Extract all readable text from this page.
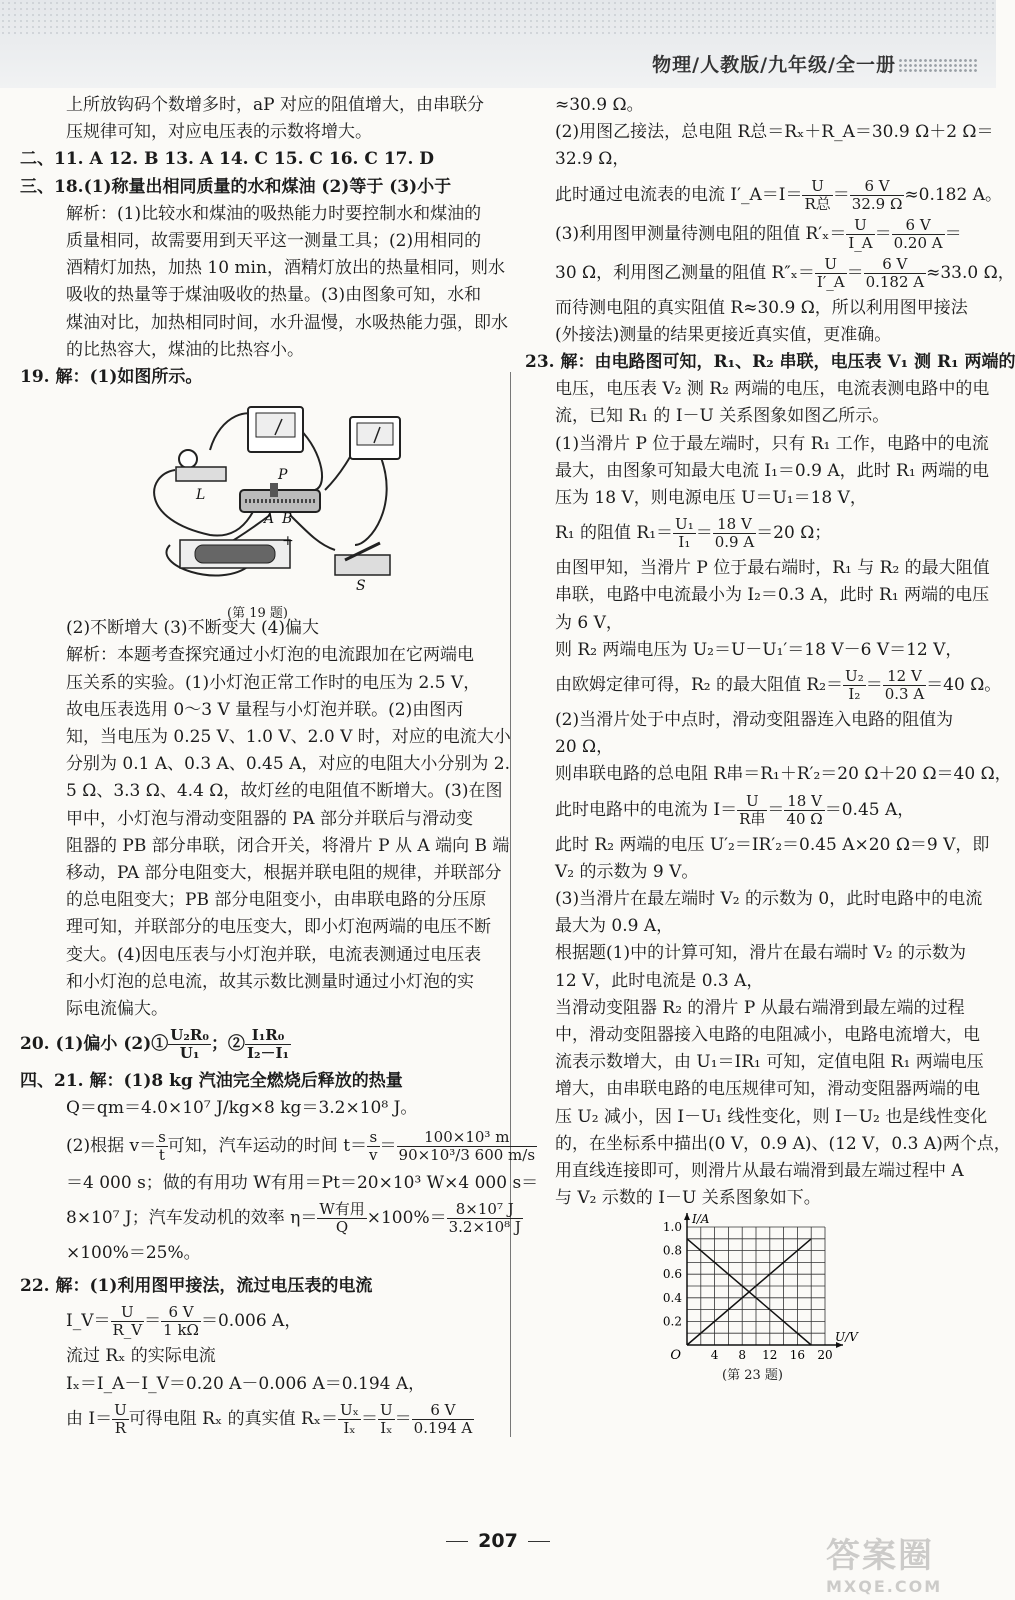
物理/人教版/九年级/全一册

上所放钩码个数增多时，aP 对应的阻值增大，由串联分

压规律可知，对应电压表的示数将增大。

二、11. A 12. B 13. A 14. C 15. C 16. C 17. D

三、18.(1)称量出相同质量的水和煤油 (2)等于 (3)小于

解析：(1)比较水和煤油的吸热能力时要控制水和煤油的

质量相同，故需要用到天平这一测量工具；(2)用相同的

酒精灯加热，加热 10 min，酒精灯放出的热量相同，则水

吸收的热量等于煤油吸收的热量。(3)由图象可知，水和

煤油对比，加热相同时间，水升温慢，水吸热能力强，即水

的比热容大，煤油的比热容小。

19. 解：(1)如图所示。

L
P
A B
S
+
(第 19 题)

(2)不断增大 (3)不断变大 (4)偏大

解析：本题考查探究通过小灯泡的电流跟加在它两端电

压关系的实验。(1)小灯泡正常工作时的电压为 2.5 V，

故电压表选用 0～3 V 量程与小灯泡并联。(2)由图丙

知，当电压为 0.25 V、1.0 V、2.0 V 时，对应的电流大小

分别为 0.1 A、0.3 A、0.45 A，对应的电阻大小分别为 2.

5 Ω、3.3 Ω、4.4 Ω，故灯丝的电阻值不断增大。(3)在图

甲中，小灯泡与滑动变阻器的 PA 部分并联后与滑动变

阻器的 PB 部分串联，闭合开关，将滑片 P 从 A 端向 B 端

移动，PA 部分电阻变大，根据并联电阻的规律，并联部分

的总电阻变大；PB 部分电阻变小，由串联电路的分压原

理可知，并联部分的电压变大，即小灯泡两端的电压不断

变大。(4)因电压表与小灯泡并联，电流表测通过电压表

和小灯泡的总电流，故其示数比测量时通过小灯泡的实

际电流偏大。

20. (1)偏小 (2)① $\frac{\text{U₂R₀}}{\text{U₁}}$ ；② $\frac{\text{I₁R₀}}{\text{I₂－I₁}}$

四、21. 解：(1)8 kg 汽油完全燃烧后释放的热量

Q＝qm＝4.0×10⁷ J/kg×8 kg＝3.2×10⁸ J。

(2)根据 $v= \frac{s}{t}$ 可知，汽车运动的时间 $t= \frac{s}{v} = \frac{\text{100×10³ m}}{\text{90×10³/3 600 m/s}}$

＝4 000 s；做的有用功 W有用＝Pt＝20×10³ W×4 000 s＝

8×10⁷ J；汽车发动机的效率 $\eta= \frac{\text{W有用}}{Q} \times 100\%= \frac{\text{8×10⁷ J}}{\text{3.2×10⁸ J}}$

×100%＝25%。

22. 解：(1)利用图甲接法，流过电压表的电流

I_V＝ $\frac{U}{R\_V} = \frac{6 V}{1 k\Omega} =0.006$ A，

流过 Rₓ 的实际电流

Iₓ＝I_A－I_V＝0.20 A－0.006 A＝0.194 A，

由 $I= \frac{U}{R}$ 可得电阻 Rₓ 的真实值 $R_x= \frac{\text{Uₓ}}{\text{Iₓ}} = \frac{U}{\text{Iₓ}} = \frac{6 V}{0.194 A}$

≈30.9 Ω。

(2)用图乙接法，总电阻 R总＝Rₓ＋R_A＝30.9 Ω＋2 Ω＝

32.9 Ω，

此时通过电流表的电流 I′_A＝I＝ $\frac{U}{\text{R总}} = \frac{6 V}{32.9 \Omega} \approx 0.182$ A。

(3)利用图甲测量待测电阻的阻值 $R'_x= \frac{U}{I\_A} = \frac{6 V}{0.20 A}$ ＝

30 Ω，利用图乙测量的阻值 $R''_x= \frac{U}{I'\_A} = \frac{6 V}{0.182 A} \approx 33.0$ Ω，

而待测电阻的真实阻值 R≈30.9 Ω，所以利用图甲接法

(外接法)测量的结果更接近真实值，更准确。

23. 解：由电路图可知，R₁、R₂ 串联，电压表 V₁ 测 R₁ 两端的

电压，电压表 V₂ 测 R₂ 两端的电压，电流表测电路中的电

流，已知 R₁ 的 I－U 关系图象如图乙所示。

(1)当滑片 P 位于最左端时，只有 R₁ 工作，电路中的电流

最大，由图象可知最大电流 I₁＝0.9 A，此时 R₁ 两端的电

压为 18 V，则电源电压 U＝U₁＝18 V，

R₁ 的阻值 $R_1= \frac{\text{U₁}}{\text{I₁}} = \frac{18 V}{0.9 A} =20$ Ω；

由图甲知，当滑片 P 位于最右端时，R₁ 与 R₂ 的最大阻值

串联，电路中电流最小为 I₂＝0.3 A，此时 R₁ 两端的电压

为 6 V，

则 R₂ 两端电压为 U₂＝U－U₁′＝18 V－6 V＝12 V，

由欧姆定律可得，R₂ 的最大阻值 $R_2= \frac{\text{U₂}}{\text{I₂}} = \frac{12 V}{0.3 A} =40$ Ω。

(2)当滑片处于中点时，滑动变阻器连入电路的阻值为

20 Ω，

则串联电路的总电阻 R串＝R₁＋R′₂＝20 Ω＋20 Ω＝40 Ω，

此时电路中的电流为 $I= \frac{U}{\text{R串}} = \frac{18 V}{40 \Omega} =0.45$ A，

此时 R₂ 两端的电压 U′₂＝IR′₂＝0.45 A×20 Ω＝9 V，即

V₂ 的示数为 9 V。

(3)当滑片在最左端时 V₂ 的示数为 0，此时电路中的电流

最大为 0.9 A，

根据题(1)中的计算可知，滑片在最右端时 V₂ 的示数为

12 V，此时电流是 0.3 A，

当滑动变阻器 R₂ 的滑片 P 从最右端滑到最左端的过程

中，滑动变阻器接入电路的电阻减小，电路电流增大，电

流表示数增大，由 U₁＝IR₁ 可知，定值电阻 R₁ 两端电压

增大，由串联电路的电压规律可知，滑动变阻器两端的电

压 U₂ 减小，因 I－U₁ 线性变化，则 I－U₂ 也是线性变化

的，在坐标系中描出(0 V，0.9 A)、(12 V，0.3 A)两个点，

用直线连接即可，则滑片从最右端滑到最左端过程中 A

与 V₂ 示数的 I－U 关系图象如下。

4 8 12 16 20
0.2
0.4
0.6
0.8
1.0
O
U/V
I/A
(第 23 题)
207	答案圈
MXQE.COM
